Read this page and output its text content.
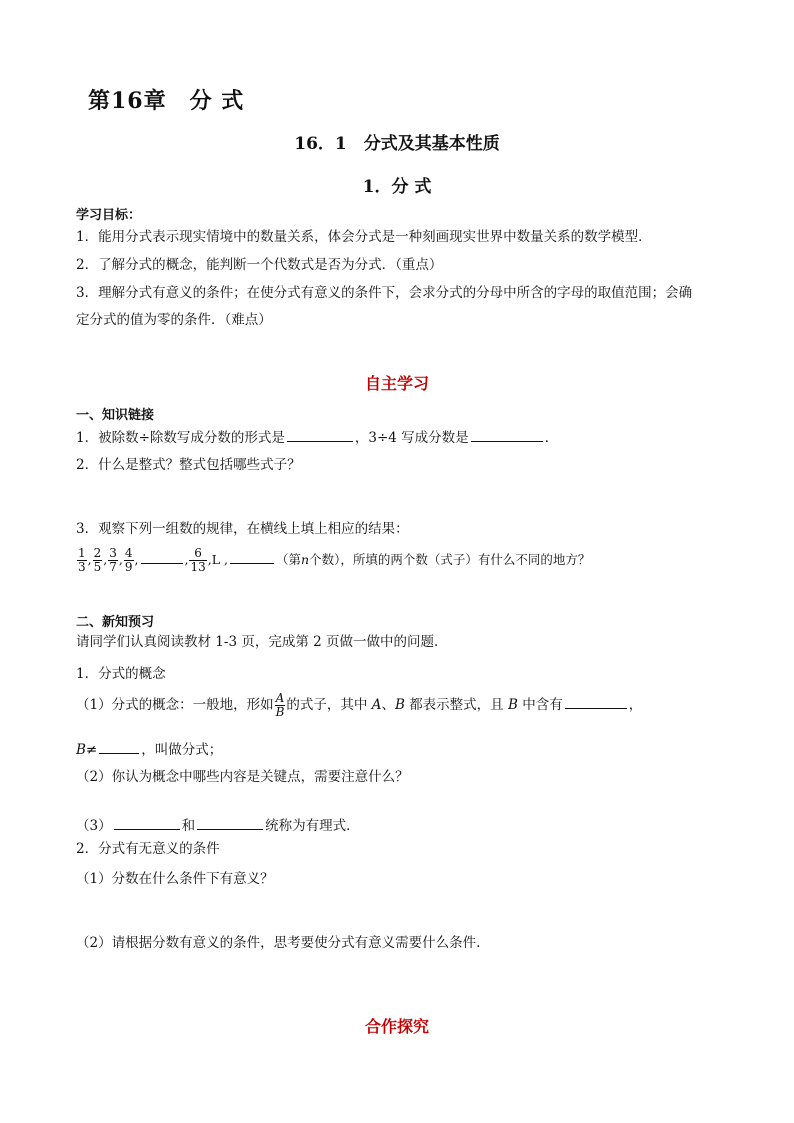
第16章　分 式
16．1　分式及其基本性质
1．分 式
学习目标：
1．能用分式表示现实情境中的数量关系，体会分式是一种刻画现实世界中数量关系的数学模型．
2．了解分式的概念，能判断一个代数式是否为分式．（重点）
3．理解分式有意义的条件；在使分式有意义的条件下，会求分式的分母中所含的字母的取值范围；会确
定分式的值为零的条件．（难点）
自主学习
一、知识链接
1．被除数÷除数写成分数的形式是	，3÷4 写成分数是	．
2．什么是整式？整式包括哪些式子？
3．观察下列一组数的规律，在横线上填上相应的结果：
$\frac{1}{3}$ , $\frac{2}{5}$ , $\frac{3}{7}$ , $\frac{4}{9}$ ,	, $\frac{6}{13} ,L$ ,	（第n个数），所填的两个数（式子）有什么不同的地方？
二、新知预习
请同学们认真阅读教材 1-3 页，完成第 2 页做一做中的问题．
1．分式的概念
（1）分式的概念：一般地，形如 $\frac{A}{B}$ 的式子，其中 A、B 都表示整式，且 B 中含有	，
B≠	，叫做分式；
（2）你认为概念中哪些内容是关键点，需要注意什么？
（3）	和	统称为有理式．
2．分式有无意义的条件
（1）分数在什么条件下有意义？
（2）请根据分数有意义的条件，思考要使分式有意义需要什么条件.
合作探究
